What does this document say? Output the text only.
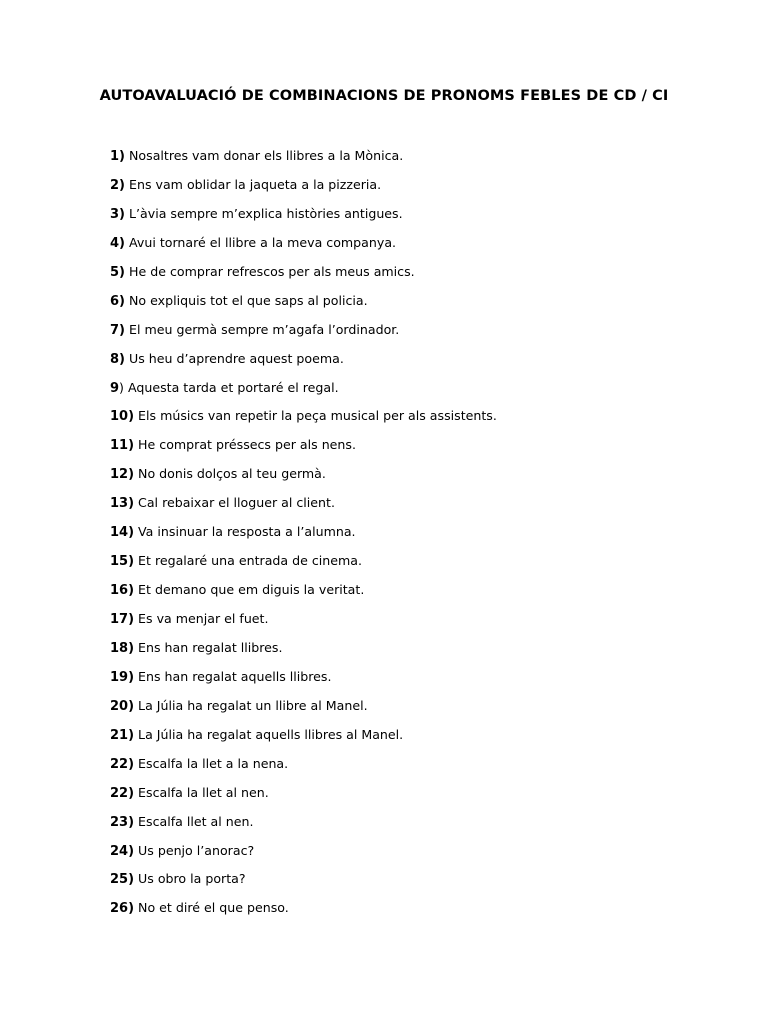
AUTOAVALUACIÓ DE COMBINACIONS DE PRONOMS FEBLES DE CD / CI
1) Nosaltres vam donar els llibres a la Mònica.
2) Ens vam oblidar la jaqueta a la pizzeria.
3) L’àvia sempre m’explica històries antigues.
4) Avui tornaré el llibre a la meva companya.
5) He de comprar refrescos per als meus amics.
6) No expliquis tot el que saps al policia.
7) El meu germà sempre m’agafa l’ordinador.
8) Us heu d’aprendre aquest poema.
9) Aquesta tarda et portaré el regal.
10) Els músics van repetir la peça musical per als assistents.
11) He comprat préssecs per als nens.
12) No donis dolços al teu germà.
13) Cal rebaixar el lloguer al client.
14) Va insinuar la resposta a l’alumna.
15) Et regalaré una entrada de cinema.
16) Et demano que em diguis la veritat.
17) Es va menjar el fuet.
18) Ens han regalat llibres.
19) Ens han regalat aquells llibres.
20) La Júlia ha regalat un llibre al Manel.
21) La Júlia ha regalat aquells llibres al Manel.
22) Escalfa la llet a la nena.
22) Escalfa la llet al nen.
23) Escalfa llet al nen.
24) Us penjo l’anorac?
25) Us obro la porta?
26) No et diré el que penso.
